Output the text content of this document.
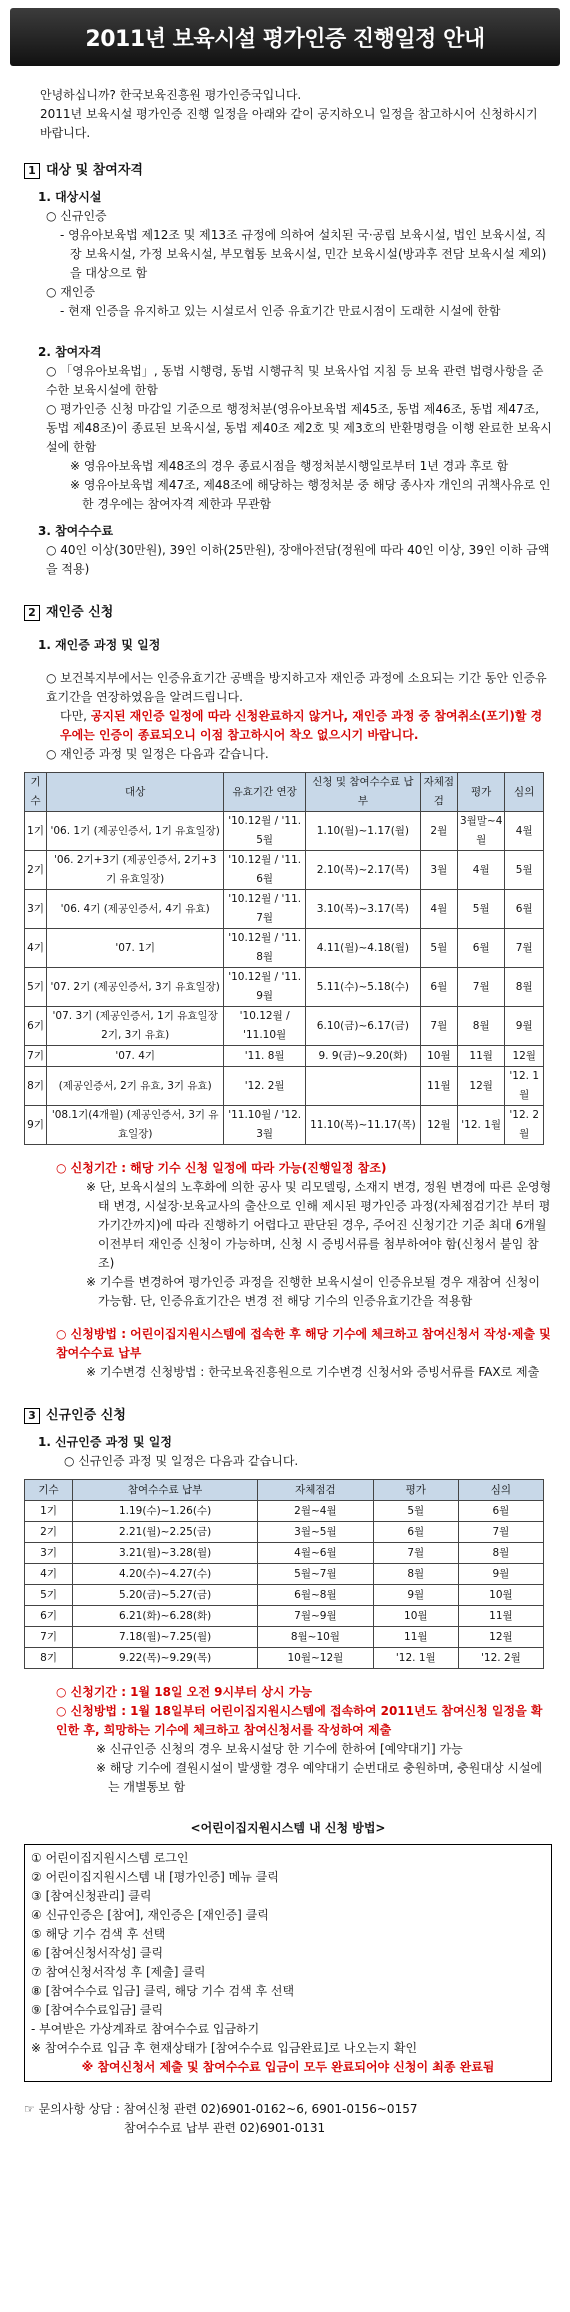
2011년 보육시설 평가인증 진행일정 안내

안녕하십니까? 한국보육진흥원 평가인증국입니다.

2011년 보육시설 평가인증 진행 일정을 아래와 같이 공지하오니 일정을 참고하시어 신청하시기 바랍니다.

1 대상 및 참여자격
1. 대상시설
○ 신규인증
- 영유아보육법 제12조 및 제13조 규정에 의하여 설치된 국·공립 보육시설, 법인 보육시설, 직장 보육시설, 가정 보육시설, 부모협동 보육시설, 민간 보육시설(방과후 전담 보육시설 제외)을 대상으로 함
○ 재인증
- 현재 인증을 유지하고 있는 시설로서 인증 유효기간 만료시점이 도래한 시설에 한함
2. 참여자격
○ 「영유아보육법」, 동법 시행령, 동법 시행규칙 및 보육사업 지침 등 보육 관련 법령사항을 준수한 보육시설에 한함
○ 평가인증 신청 마감일 기준으로 행정처분(영유아보육법 제45조, 동법 제46조, 동법 제47조, 동법 제48조)이 종료된 보육시설, 동법 제40조 제2호 및 제3호의 반환명령을 이행 완료한 보육시설에 한함
※ 영유아보육법 제48조의 경우 종료시점을 행정처분시행일로부터 1년 경과 후로 함
※ 영유아보육법 제47조, 제48조에 해당하는 행정처분 중 해당 종사자 개인의 귀책사유로 인한 경우에는 참여자격 제한과 무관함
3. 참여수수료
○ 40인 이상(30만원), 39인 이하(25만원), 장애아전담(정원에 따라 40인 이상, 39인 이하 금액을 적용)
2 재인증 신청
1. 재인증 과정 및 일정
○ 보건복지부에서는 인증유효기간 공백을 방지하고자 재인증 과정에 소요되는 기간 동안 인증유효기간을 연장하였음을 알려드립니다.
다만, 공지된 재인증 일정에 따라 신청완료하지 않거나, 재인증 과정 중 참여취소(포기)할 경우에는 인증이 종료되오니 이점 참고하시어 착오 없으시기 바랍니다.
○ 재인증 과정 및 일정은 다음과 같습니다.
기수	대상	유효기간 연장	신청 및 참여수수료 납부	자체점검	평가	심의
1기	'06. 1기 (제공인증서, 1기 유효일장)	'10.12월 / '11. 5월	1.10(월)~1.17(월)	2월	3월말~4월	4월
2기	'06. 2기+3기 (제공인증서, 2기+3기 유효일장)	'10.12월 / '11. 6월	2.10(목)~2.17(목)	3월	4월	5월
3기	'06. 4기 (제공인증서, 4기 유효)	'10.12월 / '11. 7월	3.10(목)~3.17(목)	4월	5월	6월
4기	'07. 1기	'10.12월 / '11. 8월	4.11(월)~4.18(월)	5월	6월	7월
5기	'07. 2기 (제공인증서, 3기 유효일장)	'10.12월 / '11. 9월	5.11(수)~5.18(수)	6월	7월	8월
6기	'07. 3기 (제공인증서, 1기 유효일장 2기, 3기 유효)	'10.12월 / '11.10월	6.10(금)~6.17(금)	7월	8월	9월
7기	'07. 4기	'11. 8월	9. 9(금)~9.20(화)	10월	11월	12월
8기	(제공인증서, 2기 유효, 3기 유효)	'12. 2월		11월	12월	'12. 1월
9기	'08.1기(4개월) (제공인증서, 3기 유효일장)	'11.10월 / '12. 3월	11.10(목)~11.17(목)	12월	'12. 1월	'12. 2월
○ 신청기간 : 해당 기수 신청 일정에 따라 가능(진행일정 참조)
※ 단, 보육시설의 노후화에 의한 공사 및 리모델링, 소재지 변경, 정원 변경에 따른 운영형태 변경, 시설장·보육교사의 출산으로 인해 제시된 평가인증 과정(자체점검기간 부터 평가기간까지)에 따라 진행하기 어렵다고 판단된 경우, 주어진 신청기간 기준 최대 6개월 이전부터 재인증 신청이 가능하며, 신청 시 증빙서류를 첨부하여야 함(신청서 붙임 참조)
※ 기수를 변경하여 평가인증 과정을 진행한 보육시설이 인증유보될 경우 재참여 신청이 가능함. 단, 인증유효기간은 변경 전 해당 기수의 인증유효기간을 적용함
○ 신청방법 : 어린이집지원시스템에 접속한 후 해당 기수에 체크하고 참여신청서 작성·제출 및 참여수수료 납부
※ 기수변경 신청방법 : 한국보육진흥원으로 기수변경 신청서와 증빙서류를 FAX로 제출
3 신규인증 신청
1. 신규인증 과정 및 일정
○ 신규인증 과정 및 일정은 다음과 같습니다.
기수	참여수수료 납부	자체점검	평가	심의
1기	1.19(수)~1.26(수)	2월~4월	5월	6월
2기	2.21(월)~2.25(금)	3월~5월	6월	7월
3기	3.21(월)~3.28(월)	4월~6월	7월	8월
4기	4.20(수)~4.27(수)	5월~7월	8월	9월
5기	5.20(금)~5.27(금)	6월~8월	9월	10월
6기	6.21(화)~6.28(화)	7월~9월	10월	11월
7기	7.18(월)~7.25(월)	8월~10월	11월	12월
8기	9.22(목)~9.29(목)	10월~12월	'12. 1월	'12. 2월
○ 신청기간 : 1월 18일 오전 9시부터 상시 가능
○ 신청방법 : 1월 18일부터 어린이집지원시스템에 접속하여 2011년도 참여신청 일정을 확인한 후, 희망하는 기수에 체크하고 참여신청서를 작성하여 제출
※ 신규인증 신청의 경우 보육시설당 한 기수에 한하여 [예약대기] 가능
※ 해당 기수에 결원시설이 발생할 경우 예약대기 순번대로 충원하며, 충원대상 시설에는 개별통보 함
<어린이집지원시스템 내 신청 방법>
① 어린이집지원시스템 로그인
② 어린이집지원시스템 내 [평가인증] 메뉴 클릭
③ [참여신청관리] 클릭
④ 신규인증은 [참여], 재인증은 [재인증] 클릭
⑤ 해당 기수 검색 후 선택
⑥ [참여신청서작성] 클릭
⑦ 참여신청서작성 후 [제출] 클릭
⑧ [참여수수료 입금] 클릭, 해당 기수 검색 후 선택
⑨ [참여수수료입금] 클릭
- 부여받은 가상계좌로 참여수수료 입금하기
※ 참여수수료 입금 후 현재상태가 [참여수수료 입금완료]로 나오는지 확인
※ 참여신청서 제출 및 참여수수료 입금이 모두 완료되어야 신청이 최종 완료됨
☞ 문의사항 상담 : 참여신청 관련 02)6901-0162~6, 6901-0156~0157
참여수수료 납부 관련 02)6901-0131
